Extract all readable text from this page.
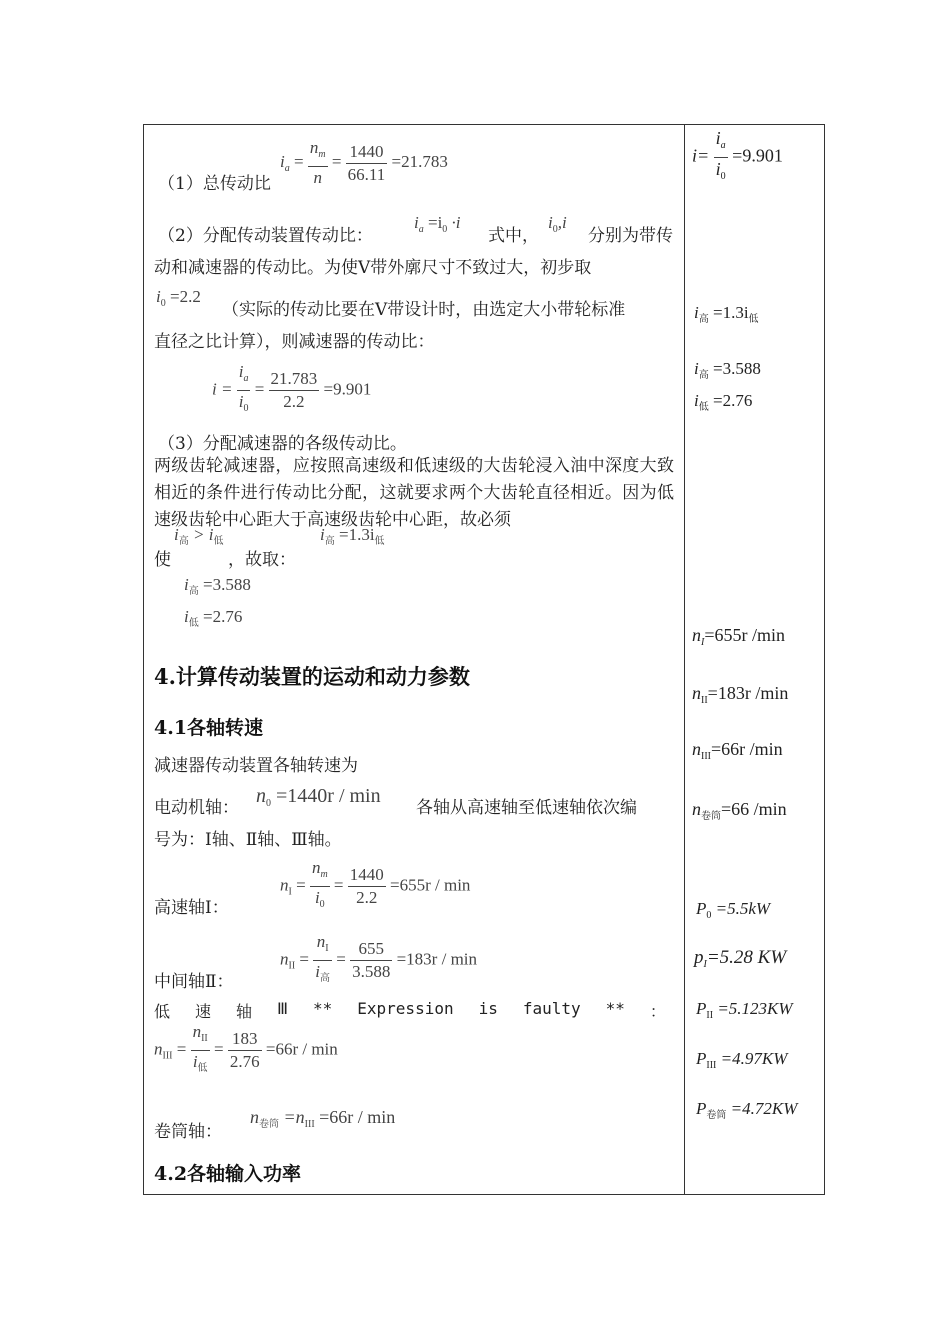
（1）总传动比
$i_a = \frac{n_m}{n} = \frac{1440}{66.11} =21.783$
（2）分配传动装置传动比：
$i_a =i_0 \cdot i$
式中，
$i_0,i$
分别为带传
动和减速器的传动比。为使V带外廓尺寸不致过大，初步取
$i_0 =2.2$
（实际的传动比要在V带设计时，由选定大小带轮标准
直径之比计算），则减速器的传动比：
$i = \frac{i_a}{i_0} = \frac{21.783}{2.2} =9.901$
（3）分配减速器的各级传动比。
两级齿轮减速器，应按照高速级和低速级的大齿轮浸入油中深度大致相近的条件进行传动比分配，这就要求两个大齿轮直径相近。因为低速级齿轮中心距大于高速级齿轮中心距，故必须
使
$i_高 > i_低$
，故取：
$i_高 =1.3i_低$
$i_高 =3.588$
$i_低 =2.76$
4.计算传动装置的运动和动力参数
4.1各轴转速
减速器传动装置各轴转速为
电动机轴：
$n_0 =1440r / \min$
各轴从高速轴至低速轴依次编
号为：Ⅰ轴、Ⅱ轴、Ⅲ轴。
$n_I = \frac{n_m}{i_0} = \frac{1440}{2.2} =655r / \min$
高速轴Ⅰ：
$n_{II} = \frac{n_I}{i_高} = \frac{655}{3.588} =183r / \min$
中间轴Ⅱ：
低 速 轴 Ⅲ ** Expression is faulty ** ：
$n_{III} = \frac{n_{II}}{i_低} = \frac{183}{2.76} =66r / \min$
卷筒轴：
$n_{卷筒} =n_{III} =66r / \min$
4.2各轴输入功率
$i= \frac{i_a}{i_0} =9.901$
$i_高 =1.3i_低$
$i_高 =3.588$
$i_低 =2.76$
$n_I=655r$ /min
$n_{II}=183r$ /min
$n_{III}=66r$ /min
$n_{卷筒}=66$ /min
$P_0 =5.5kW$
$p_I=5.28$ KW
$P_{II} =5.123KW$
$P_{III} =4.97KW$
$P_{卷筒} =4.72KW$
